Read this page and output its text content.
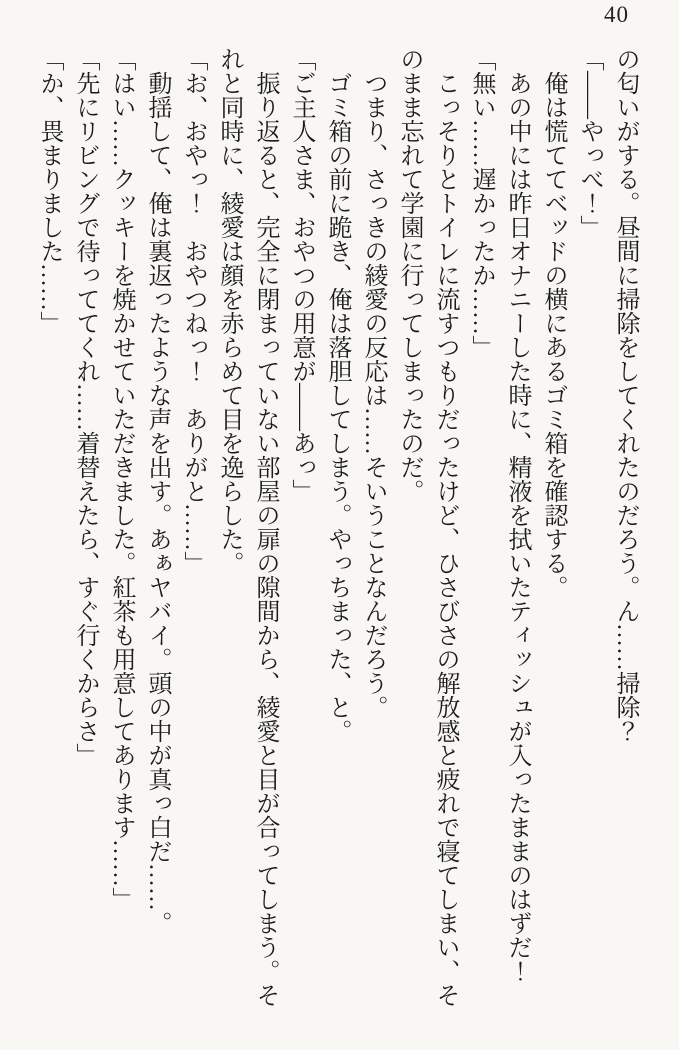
40

の匂いがする。昼間に掃除をしてくれたのだろう。ん……掃除？

「――やっべ！」

俺は慌ててベッドの横にあるゴミ箱を確認する。

あの中には昨日オナニーした時に、精液を拭いたティッシュが入ったままのはずだ！

「無い……遅かったか……」

こっそりとトイレに流すつもりだったけど、ひさびさの解放感と疲れで寝てしまい、そのまま忘れて学園に行ってしまったのだ。

つまり、さっきの綾愛の反応は……そいうことなんだろう。

ゴミ箱の前に跪き、俺は落胆してしまう。やっちまった、と。

「ご主人さま、おやつの用意が――あっ」

振り返ると、完全に閉まっていない部屋の扉の隙間から、綾愛と目が合ってしまう。それと同時に、綾愛は顔を赤らめて目を逸らした。

「お、おやっ！　おやつねっ！　ありがと……」

動揺して、俺は裏返ったような声を出す。あぁヤバイ。頭の中が真っ白だ……。

「はい……クッキーを焼かせていただきました。紅茶も用意してあります……」

「先にリビングで待っててくれ……着替えたら、すぐ行くからさ」

「か、畏まりました……」
